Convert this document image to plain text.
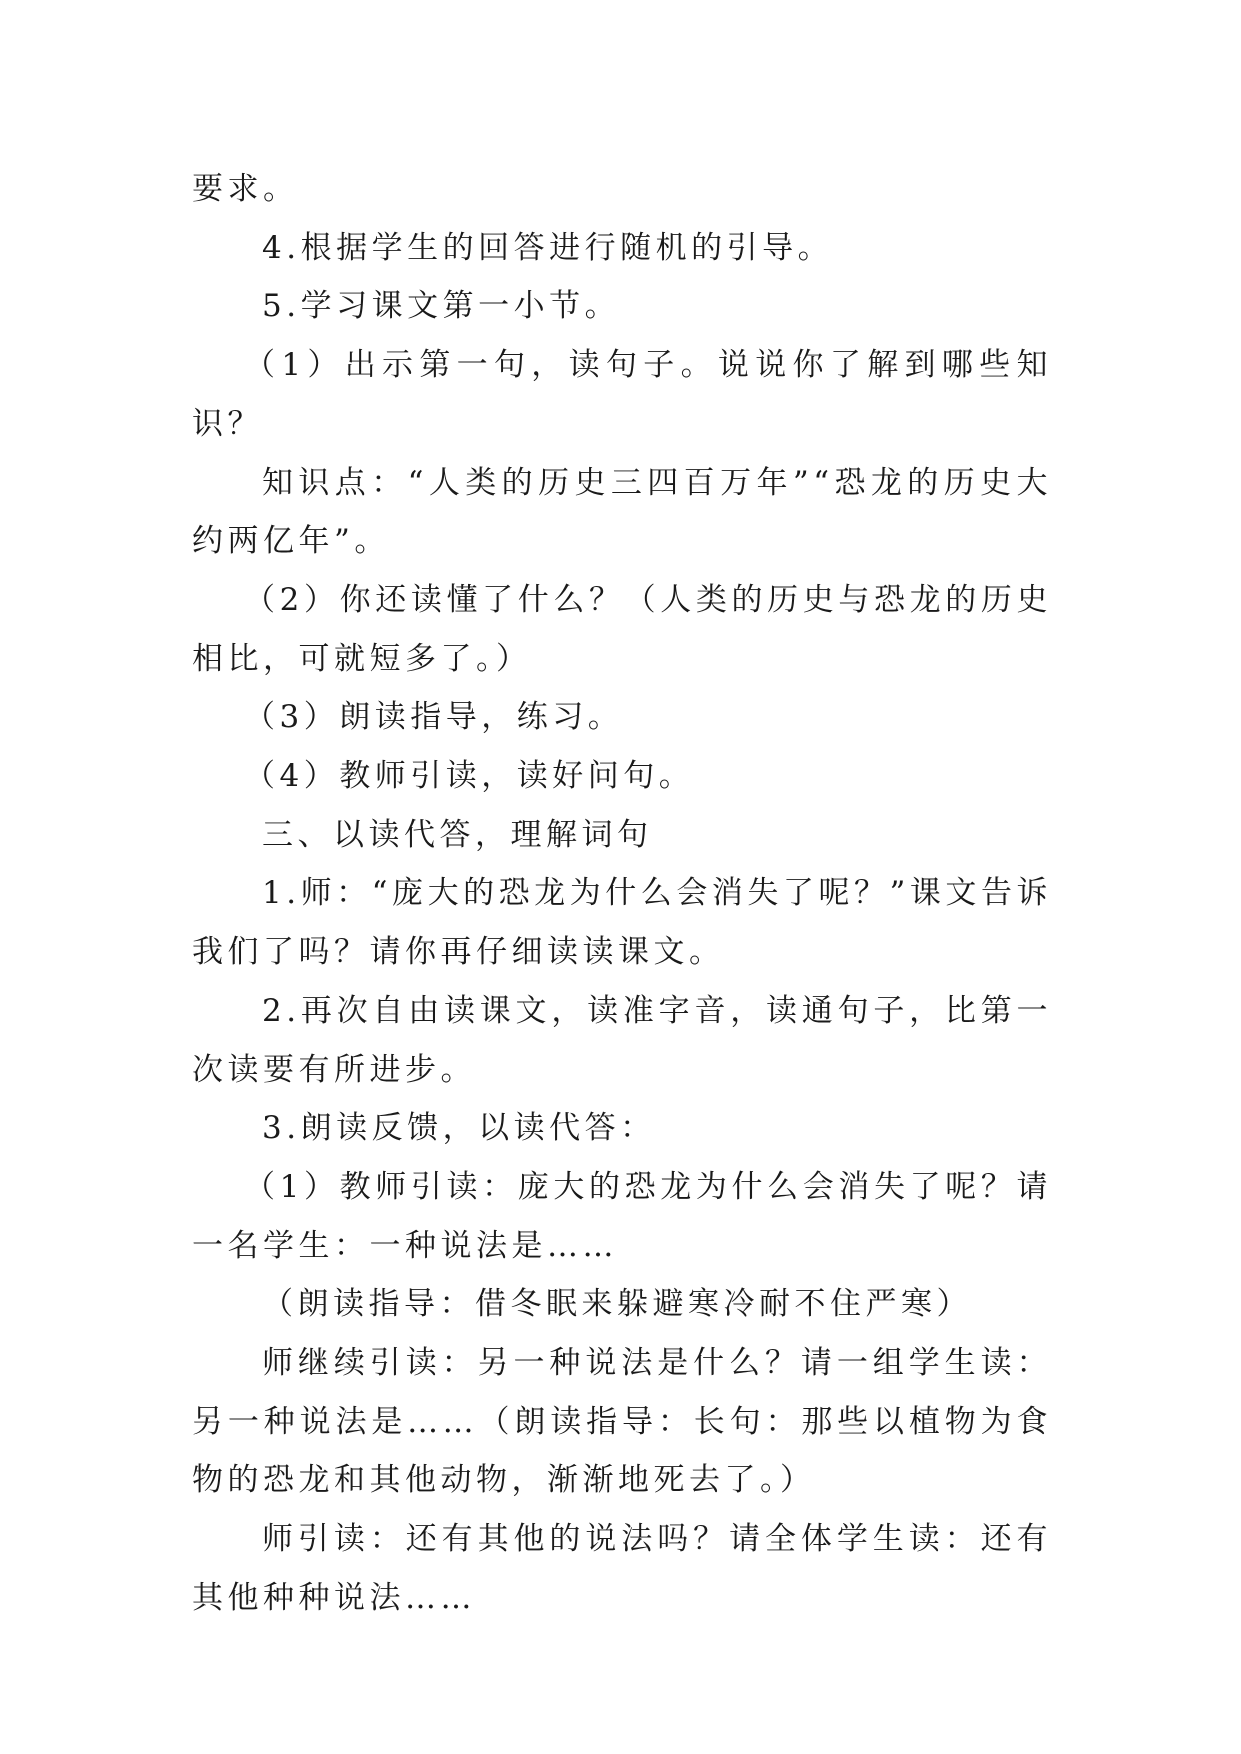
要求。

4.根据学生的回答进行随机的引导。

5.学习课文第一小节。

（1）出示第一句，读句子。说说你了解到哪些知识？

知识点：“人类的历史三四百万年”“恐龙的历史大约两亿年”。

（2）你还读懂了什么？（人类的历史与恐龙的历史相比，可就短多了。）

（3）朗读指导，练习。

（4）教师引读，读好问句。

三、以读代答，理解词句

1.师：“庞大的恐龙为什么会消失了呢？”课文告诉我们了吗？请你再仔细读读课文。

2.再次自由读课文，读准字音，读通句子，比第一次读要有所进步。

3.朗读反馈，以读代答：

（1）教师引读：庞大的恐龙为什么会消失了呢？请一名学生：一种说法是……

（朗读指导：借冬眠来躲避寒冷耐不住严寒）

师继续引读：另一种说法是什么？请一组学生读：另一种说法是……（朗读指导：长句：那些以植物为食物的恐龙和其他动物，渐渐地死去了。）

师引读：还有其他的说法吗？请全体学生读：还有其他种种说法……
